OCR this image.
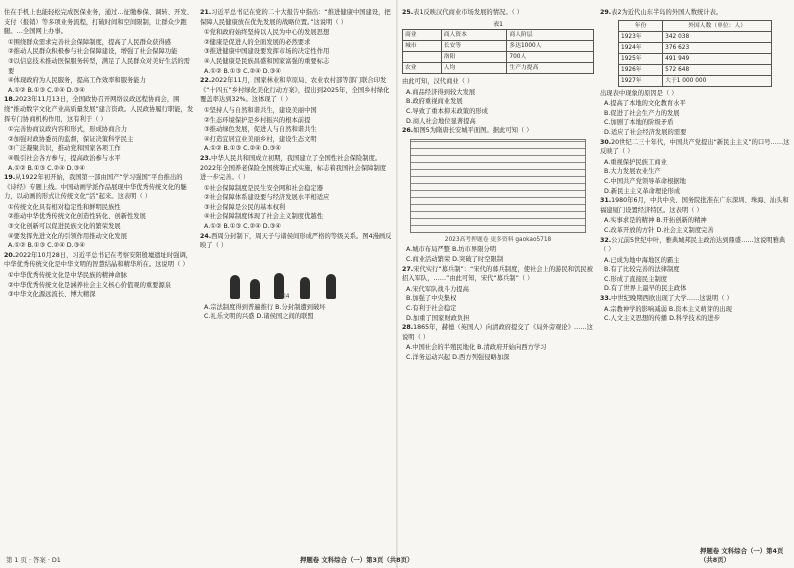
住在手机上也能轻松完成医保业务，通过…征缴参保、调转、开发、支付（报销）等多项业务流程，打破时间和空间限制，让群众少跑腿。…全国网上办事。
①围绕群众需求完善社会保障制度，提高了人民群众获得感
②推动人民群众积极参与社会保障建设，增强了社会保障功能
③以信息技术推动医保服务转型，满足了人民群众对美好生活的需要
④体现政府为人民服务，提高工作效率和服务能力
A.①② B.①③ C.②④ D.③④
18.2023年11月13日，全国政协召开网络议政远程协商会，围绕“推动数字文化产业高质量发展”建言资政。人民政协履行职能，发挥专门协商机构作用，这有利于（ ）
①完善协商议政内容和形式，形成协商合力
②加强对政协委员的监督，保证决策科学民主
③广泛凝聚共识，推动党和国家各项工作
④吸引社会各方参与，提高政治参与水平
A.①② B.①③ C.②④ D.③④
19.从1922年初开始，我国第一部由国产“学习强国”平台推出的《诗经》专题上线。中国动画学派作品展现中华优秀传统文化的魅力，以动画的形式让传统文化“活”起来。这表明（ ）
①传统文化具有相对稳定性和鲜明民族性
②推动中华优秀传统文化创造性转化、创新性发展
③文化创新可以促进民族文化的繁荣发展
④要发挥先进文化的引领作用推动文化发展
A.①② B.①③ C.②④ D.③④
20.2022年10月28日，习近平总书记在考察安阳殷墟遗址时强调，中华优秀传统文化是中华文明的智慧结晶和精华所在。这说明（ ）
①中华优秀传统文化是中华民族的精神命脉
②中华优秀传统文化是涵养社会主义核心价值观的重要源泉
③中华文化源远流长、博大精深
21.习近平总书记在党的二十大报告中指出：“推进健康中国建设，把保障人民健康放在优先发展的战略位置。”这说明（ ）
①党和政府始终坚持以人民为中心的发展思想
②健康是促进人的全面发展的必然要求
③推进健康中国建设要发挥市场的决定性作用
④人民健康是民族昌盛和国家富强的重要标志
A.①② B.①③ C.②④ D.③④
22.2022年11月，国家林业和草原局、农业农村部等部门联合印发《“十四五”乡村绿化美化行动方案》，提出到2025年，全国乡村绿化覆盖率达到32%。这体现了（ ）
①坚持人与自然和谐共生，建设美丽中国
②生态环境保护是乡村振兴的根本前提
③推动绿色发展，促进人与自然和谐共生
④打造宜居宜业美丽乡村，建设生态文明
A.①② B.①③ C.②④ D.③④
23.中华人民共和国成立初期，我国建立了全国性社会保险制度。2022年全国养老保险全国统筹正式实施，标志着我国社会保障制度进一步完善。（ ）
①社会保障制度是民生安全网和社会稳定器
②社会保障体系建设要与经济发展水平相适应
③社会保障是公民的基本权利
④社会保障制度体现了社会主义制度优越性
A.①② B.①③ C.②④ D.③④
24.西周分封制下，周天子与诸侯间形成严格的等级关系。图4漫画反映了（ ）
图4
A.宗法制度得到普遍推行 B.分封制遭到破坏
C.礼乐文明的兴盛 D.诸侯国之间的联盟
25.表1反映汉代商业市场发展的情况。（ ）
表1
商业	商人资本	商人阶层
城市	长安等	多达1000人
	洛阳	700人
农业	人均	生产力提高
由此可知，汉代商业（ ）
A.商品经济得到较大发展
B.政府重视商业发展
C.导致了重本抑末政策的形成
D.商人社会地位显著提高
26.如图5为隋唐长安城平面图。据此可知（ ）
2023高考押题卷 更多资料 gaokao5718
A.城市布局严整 B.坊市界限分明
C.商业活动繁荣 D.突破了时空限制
27.宋代实行“募兵制”：“宋代的募兵制度，使社会上的游民和饥民被招入军队，……”由此可知，宋代“募兵制”（ ）
A.宋代军队战斗力提高
B.加强了中央集权
C.有利于社会稳定
D.加重了国家财政负担
28.1865年，赫德（英国人）向清政府提交了《局外旁观论》……这说明（ ）
A.中国社会的半殖民地化 B.清政府开始向西方学习
C.洋务运动兴起 D.西方列强侵略加深
29.表2为近代山东半岛的外国人数统计表。
年份	外国人数（单位：人）
1923年	342 038
1924年	376 623
1925年	491 949
1926年	572 648
1927年	大于1 000 000
出现表中现象的原因是（ ）
A.提高了本地的文化教育水平
B.促进了社会生产力的发展
C.加剧了本地的阶级矛盾
D.适应了社会经济发展的需要
30.20世纪二三十年代，中国共产党提出“新民主主义”的口号……这反映了（ ）
A.重视保护民族工商业
B.大力发展农业生产
C.中国共产党领导革命根据地
D.新民主主义革命理论形成
31.1980年6月，中共中央、国务院批准在广东深圳、珠海、汕头和福建厦门设置经济特区。这表明（ ）
A.实事求是的精神 B.开拓创新的精神
C.改革开放的方针 D.社会主义制度完善
32.公元前5世纪中叶，雅典城邦民主政治达到鼎盛……这说明雅典（ ）
A.已成为地中海地区的霸主
B.有了比较完善的法律制度
C.形成了直接民主制度
D.有了世界上最早的民主政体
33.中世纪晚期西欧出现了大学……这说明（ ）
A.宗教神学的影响减弱 B.资本主义萌芽的出现
C.人文主义思想的传播 D.科学技术的进步
第 1 页 · 答案 · D1	押题卷 文科综合（一）第3页（共8页）
押题卷 文科综合（一）第4页（共8页）
